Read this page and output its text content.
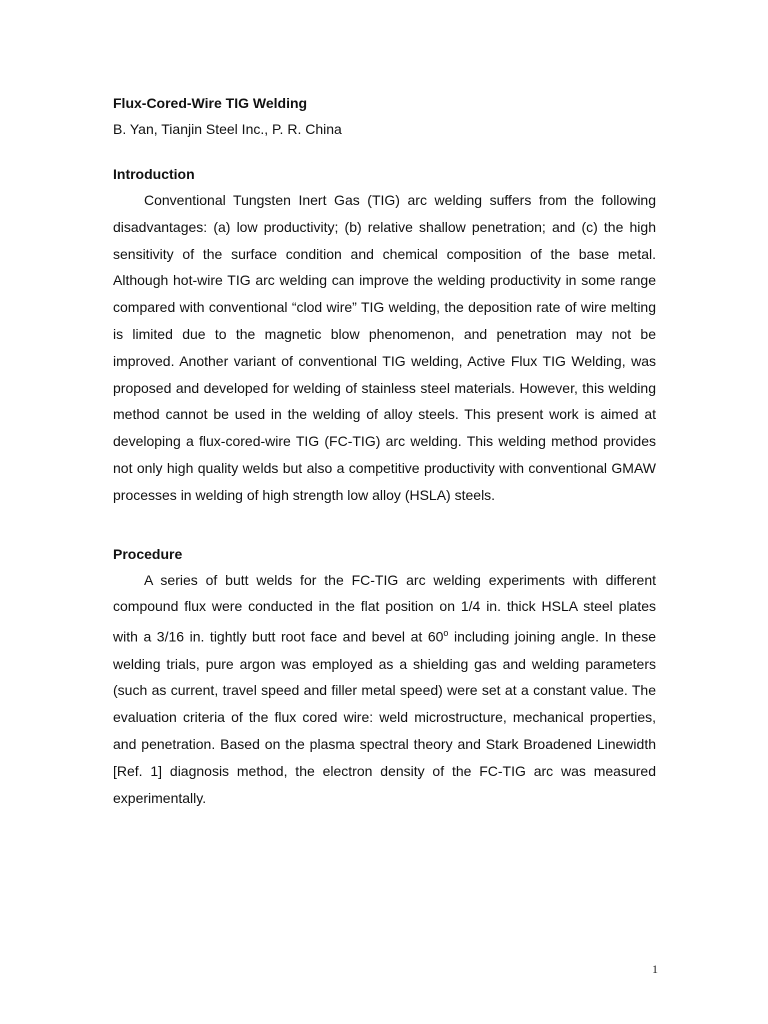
Flux-Cored-Wire TIG Welding

B. Yan, Tianjin Steel Inc., P. R. China

Introduction

Conventional Tungsten Inert Gas (TIG) arc welding suffers from the following disadvantages: (a) low productivity; (b) relative shallow penetration; and (c) the high sensitivity of the surface condition and chemical composition of the base metal. Although hot-wire TIG arc welding can improve the welding productivity in some range compared with conventional “clod wire” TIG welding, the deposition rate of wire melting is limited due to the magnetic blow phenomenon, and penetration may not be improved. Another variant of conventional TIG welding, Active Flux TIG Welding, was proposed and developed for welding of stainless steel materials. However, this welding method cannot be used in the welding of alloy steels. This present work is aimed at developing a flux-cored-wire TIG (FC-TIG) arc welding. This welding method provides not only high quality welds but also a competitive productivity with conventional GMAW processes in welding of high strength low alloy (HSLA) steels.

Procedure

A series of butt welds for the FC-TIG arc welding experiments with different compound flux were conducted in the flat position on 1/4 in. thick HSLA steel plates with a 3/16 in. tightly butt root face and bevel at 60$^o$ including joining angle. In these welding trials, pure argon was employed as a shielding gas and welding parameters (such as current, travel speed and filler metal speed) were set at a constant value. The evaluation criteria of the flux cored wire: weld microstructure, mechanical properties, and penetration. Based on the plasma spectral theory and Stark Broadened Linewidth [Ref. 1] diagnosis method, the electron density of the FC-TIG arc was measured experimentally.

1
